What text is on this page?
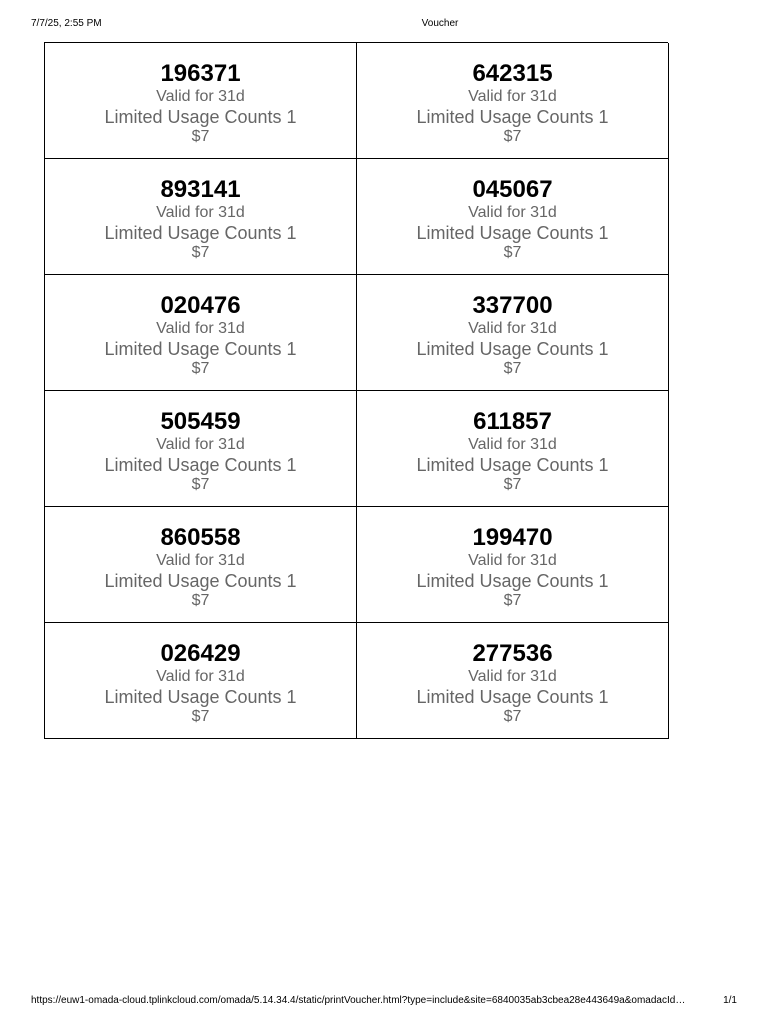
7/7/25, 2:55 PM	Voucher
196371
Valid for 31d
Limited Usage Counts 1
$7
642315
Valid for 31d
Limited Usage Counts 1
$7
893141
Valid for 31d
Limited Usage Counts 1
$7
045067
Valid for 31d
Limited Usage Counts 1
$7
020476
Valid for 31d
Limited Usage Counts 1
$7
337700
Valid for 31d
Limited Usage Counts 1
$7
505459
Valid for 31d
Limited Usage Counts 1
$7
611857
Valid for 31d
Limited Usage Counts 1
$7
860558
Valid for 31d
Limited Usage Counts 1
$7
199470
Valid for 31d
Limited Usage Counts 1
$7
026429
Valid for 31d
Limited Usage Counts 1
$7
277536
Valid for 31d
Limited Usage Counts 1
$7
https://euw1-omada-cloud.tplinkcloud.com/omada/5.14.34.4/static/printVoucher.html?type=include&site=6840035ab3cbea28e443649a&omadacId…	1/1
